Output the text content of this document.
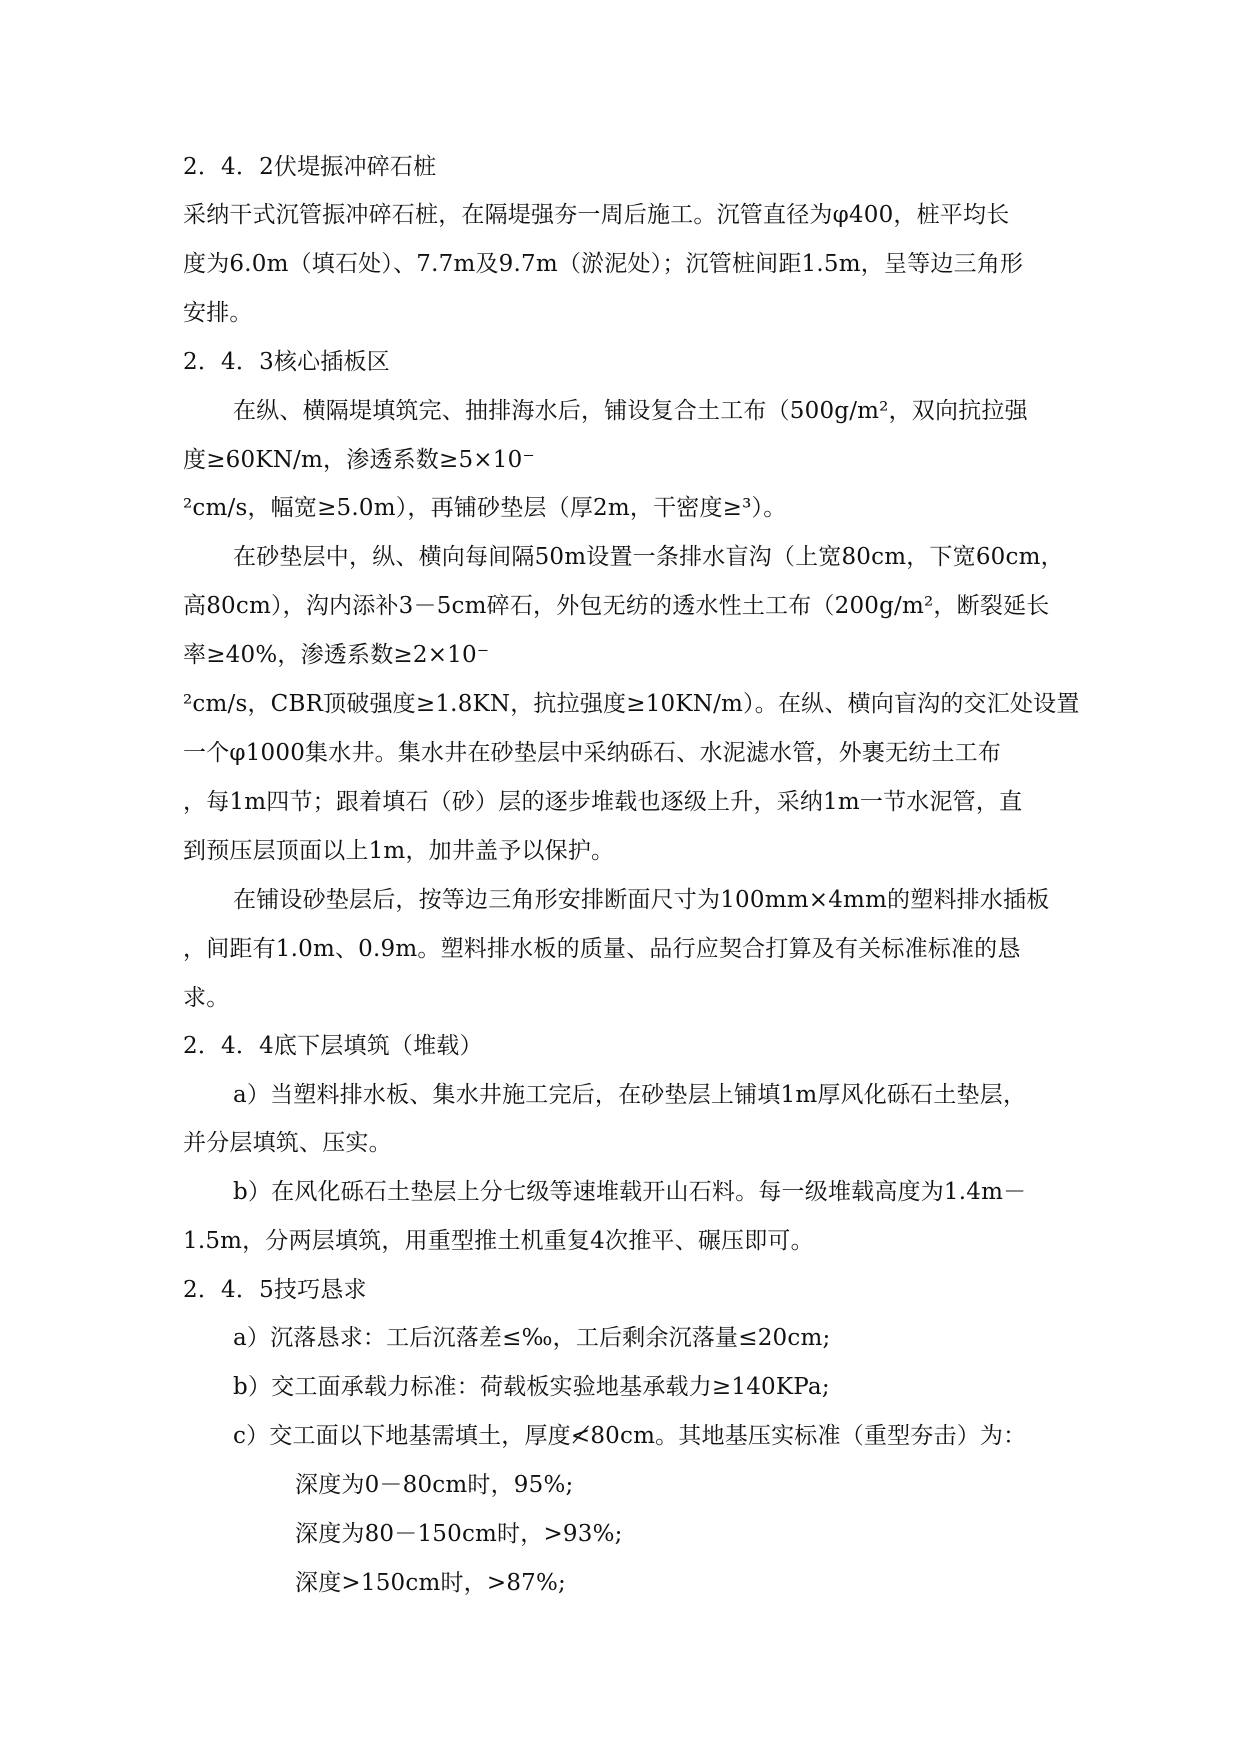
2．4．2伏堤振冲碎石桩
采纳干式沉管振冲碎石桩，在隔堤强夯一周后施工。沉管直径为φ400，桩平均长
度为6.0m（填石处）、7.7m及9.7m（淤泥处）；沉管桩间距1.5m，呈等边三角形
安排。
2．4．3核心插板区
在纵、横隔堤填筑完、抽排海水后，铺设复合土工布（500g/m²，双向抗拉强
度≥60KN/m，渗透系数≥5×10⁻
²cm/s，幅宽≥5.0m），再铺砂垫层（厚2m，干密度≥³）。
在砂垫层中，纵、横向每间隔50m设置一条排水盲沟（上宽80cm，下宽60cm，
高80cm），沟内添补3－5cm碎石，外包无纺的透水性土工布（200g/m²，断裂延长
率≥40%，渗透系数≥2×10⁻
²cm/s，CBR顶破强度≥1.8KN，抗拉强度≥10KN/m）。在纵、横向盲沟的交汇处设置
一个φ1000集水井。集水井在砂垫层中采纳砾石、水泥滤水管，外裹无纺土工布
，每1m四节；跟着填石（砂）层的逐步堆载也逐级上升，采纳1m一节水泥管，直
到预压层顶面以上1m，加井盖予以保护。
在铺设砂垫层后，按等边三角形安排断面尺寸为100mm×4mm的塑料排水插板
，间距有1.0m、0.9m。塑料排水板的质量、品行应契合打算及有关标准标准的恳
求。
2．4．4底下层填筑（堆载）
a）当塑料排水板、集水井施工完后，在砂垫层上铺填1m厚风化砾石土垫层，
并分层填筑、压实。
b）在风化砾石土垫层上分七级等速堆载开山石料。每一级堆载高度为1.4m－
1.5m，分两层填筑，用重型推土机重复4次推平、碾压即可。
2．4．5技巧恳求
a）沉落恳求：工后沉落差≤‰，工后剩余沉落量≤20cm;
b）交工面承载力标准：荷载板实验地基承载力≥140KPa;
c）交工面以下地基需填土，厚度≮80cm。其地基压实标准（重型夯击）为：
深度为0－80cm时，95%;
深度为80－150cm时，>93%;
深度>150cm时，>87%;
